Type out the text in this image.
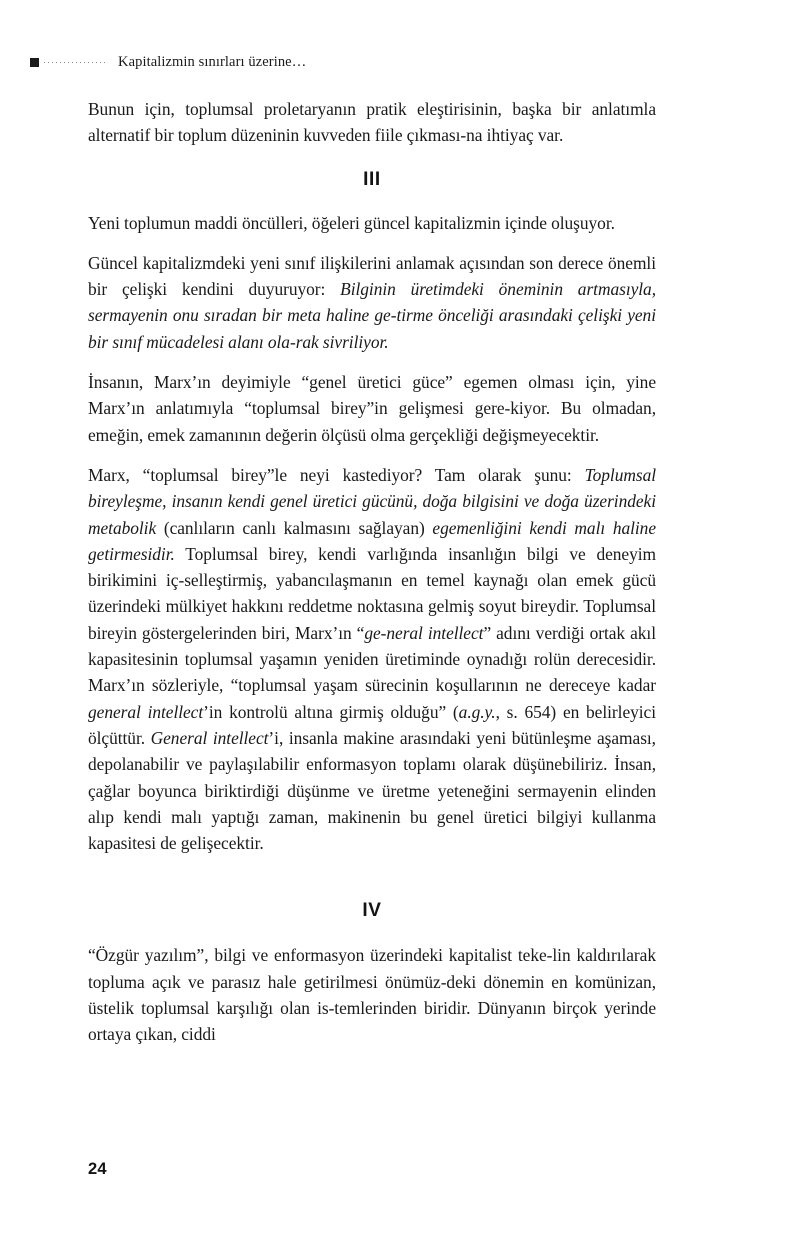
Kapitalizmin sınırları üzerine…

Bunun için, toplumsal proletaryanın pratik eleştirisinin, başka bir anlatımla alternatif bir toplum düzeninin kuvveden fiile çıkması-na ihtiyaç var.

III

Yeni toplumun maddi öncülleri, öğeleri güncel kapitalizmin içinde oluşuyor.

Güncel kapitalizmdeki yeni sınıf ilişkilerini anlamak açısından son derece önemli bir çelişki kendini duyuruyor: Bilginin üretimdeki öneminin artmasıyla, sermayenin onu sıradan bir meta haline ge-tirme önceliği arasındaki çelişki yeni bir sınıf mücadelesi alanı ola-rak sivriliyor.

İnsanın, Marx’ın deyimiyle “genel üretici güce” egemen olması için, yine Marx’ın anlatımıyla “toplumsal birey”in gelişmesi gere-kiyor. Bu olmadan, emeğin, emek zamanının değerin ölçüsü olma gerçekliği değişmeyecektir.

Marx, “toplumsal birey”le neyi kastediyor? Tam olarak şunu: Toplumsal bireyleşme, insanın kendi genel üretici gücünü, doğa bilgisini ve doğa üzerindeki metabolik (canlıların canlı kalmasını sağlayan) egemenliğini kendi malı haline getirmesidir. Toplumsal birey, kendi varlığında insanlığın bilgi ve deneyim birikimini iç-selleştirmiş, yabancılaşmanın en temel kaynağı olan emek gücü üzerindeki mülkiyet hakkını reddetme noktasına gelmiş soyut bireydir. Toplumsal bireyin göstergelerinden biri, Marx’ın “ge-neral intellect” adını verdiği ortak akıl kapasitesinin toplumsal yaşamın yeniden üretiminde oynadığı rolün derecesidir. Marx’ın sözleriyle, “toplumsal yaşam sürecinin koşullarının ne dereceye kadar general intellect’in kontrolü altına girmiş olduğu” (a.g.y., s. 654) en belirleyici ölçüttür. General intellect’i, insanla makine arasındaki yeni bütünleşme aşaması, depolanabilir ve paylaşılabilir enformasyon toplamı olarak düşünebiliriz. İnsan, çağlar boyunca biriktirdiği düşünme ve üretme yeteneğini sermayenin elinden alıp kendi malı yaptığı zaman, makinenin bu genel üretici bilgiyi kullanma kapasitesi de gelişecektir.

IV

“Özgür yazılım”, bilgi ve enformasyon üzerindeki kapitalist teke-lin kaldırılarak topluma açık ve parasız hale getirilmesi önümüz-deki dönemin en komünizan, üstelik toplumsal karşılığı olan is-temlerinden biridir. Dünyanın birçok yerinde ortaya çıkan, ciddi

24
